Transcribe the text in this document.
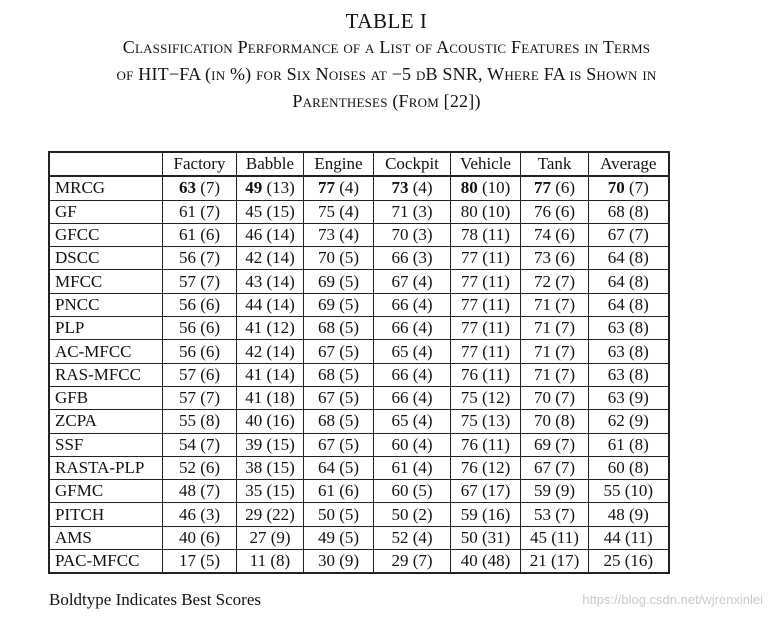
TABLE I
Classification Performance of a List of Acoustic Features in Terms
of HIT−FA (in %) for Six Noises at −5 dB SNR, Where FA is Shown in
Parentheses (From [22])
	Factory	Babble	Engine	Cockpit	Vehicle	Tank	Average
MRCG	63 (7)	49 (13)	77 (4)	73 (4)	80 (10)	77 (6)	70 (7)
GF	61 (7)	45 (15)	75 (4)	71 (3)	80 (10)	76 (6)	68 (8)
GFCC	61 (6)	46 (14)	73 (4)	70 (3)	78 (11)	74 (6)	67 (7)
DSCC	56 (7)	42 (14)	70 (5)	66 (3)	77 (11)	73 (6)	64 (8)
MFCC	57 (7)	43 (14)	69 (5)	67 (4)	77 (11)	72 (7)	64 (8)
PNCC	56 (6)	44 (14)	69 (5)	66 (4)	77 (11)	71 (7)	64 (8)
PLP	56 (6)	41 (12)	68 (5)	66 (4)	77 (11)	71 (7)	63 (8)
AC-MFCC	56 (6)	42 (14)	67 (5)	65 (4)	77 (11)	71 (7)	63 (8)
RAS-MFCC	57 (6)	41 (14)	68 (5)	66 (4)	76 (11)	71 (7)	63 (8)
GFB	57 (7)	41 (18)	67 (5)	66 (4)	75 (12)	70 (7)	63 (9)
ZCPA	55 (8)	40 (16)	68 (5)	65 (4)	75 (13)	70 (8)	62 (9)
SSF	54 (7)	39 (15)	67 (5)	60 (4)	76 (11)	69 (7)	61 (8)
RASTA-PLP	52 (6)	38 (15)	64 (5)	61 (4)	76 (12)	67 (7)	60 (8)
GFMC	48 (7)	35 (15)	61 (6)	60 (5)	67 (17)	59 (9)	55 (10)
PITCH	46 (3)	29 (22)	50 (5)	50 (2)	59 (16)	53 (7)	48 (9)
AMS	40 (6)	27 (9)	49 (5)	52 (4)	50 (31)	45 (11)	44 (11)
PAC-MFCC	17 (5)	11 (8)	30 (9)	29 (7)	40 (48)	21 (17)	25 (16)
Boldtype Indicates Best Scores	https://blog.csdn.net/wjrenxinlei
